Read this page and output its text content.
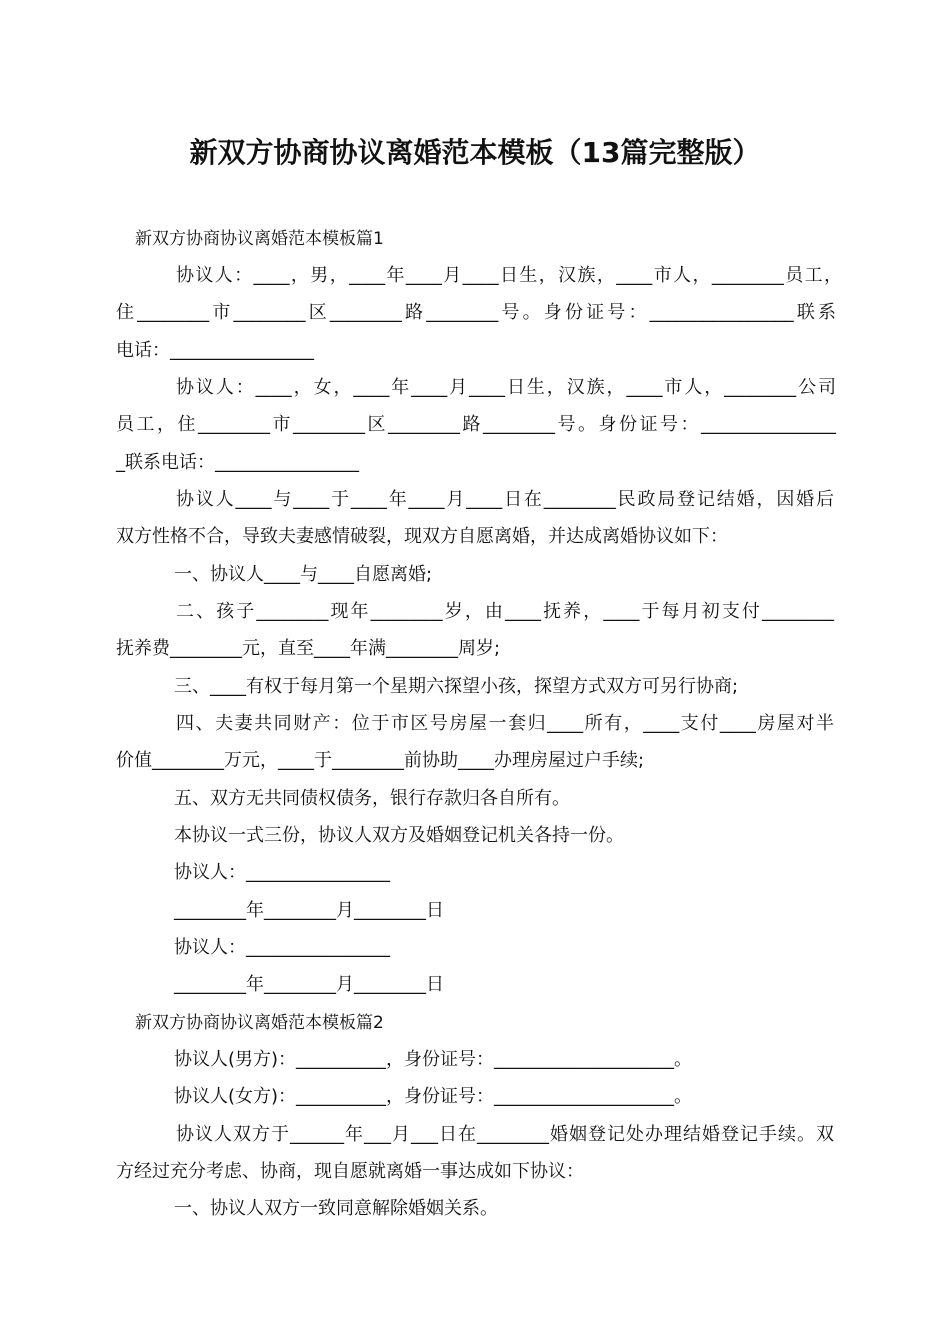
新双方协商协议离婚范本模板（13篇完整版）
新双方协商协议离婚范本模板篇1
协议人：____，男，____年____月____日生，汉族，____市人，________员工，
住________市________区________路________号。身份证号：________________联系
电话：________________
协议人：____，女，____年____月____日生，汉族，____市人，________公司
员工，住________市________区________路________号。身份证号：_______________
_联系电话：________________
协议人____与____于____年____月____日在________民政局登记结婚，因婚后
双方性格不合，导致夫妻感情破裂，现双方自愿离婚，并达成离婚协议如下：
一、协议人____与____自愿离婚;
二、孩子________现年________岁，由____抚养，____于每月初支付________
抚养费________元，直至____年满________周岁;
三、____有权于每月第一个星期六探望小孩，探望方式双方可另行协商;
四、夫妻共同财产：位于市区号房屋一套归____所有，____支付____房屋对半
价值________万元，____于________前协助____办理房屋过户手续;
五、双方无共同债权债务，银行存款归各自所有。
本协议一式三份，协议人双方及婚姻登记机关各持一份。
协议人：________________
________年________月________日
协议人：________________
________年________月________日
新双方协商协议离婚范本模板篇2
协议人(男方)：__________，身份证号：____________________。
协议人(女方)：__________，身份证号：____________________。
协议人双方于______年___月___日在________婚姻登记处办理结婚登记手续。双
方经过充分考虑、协商，现自愿就离婚一事达成如下协议：
一、协议人双方一致同意解除婚姻关系。
